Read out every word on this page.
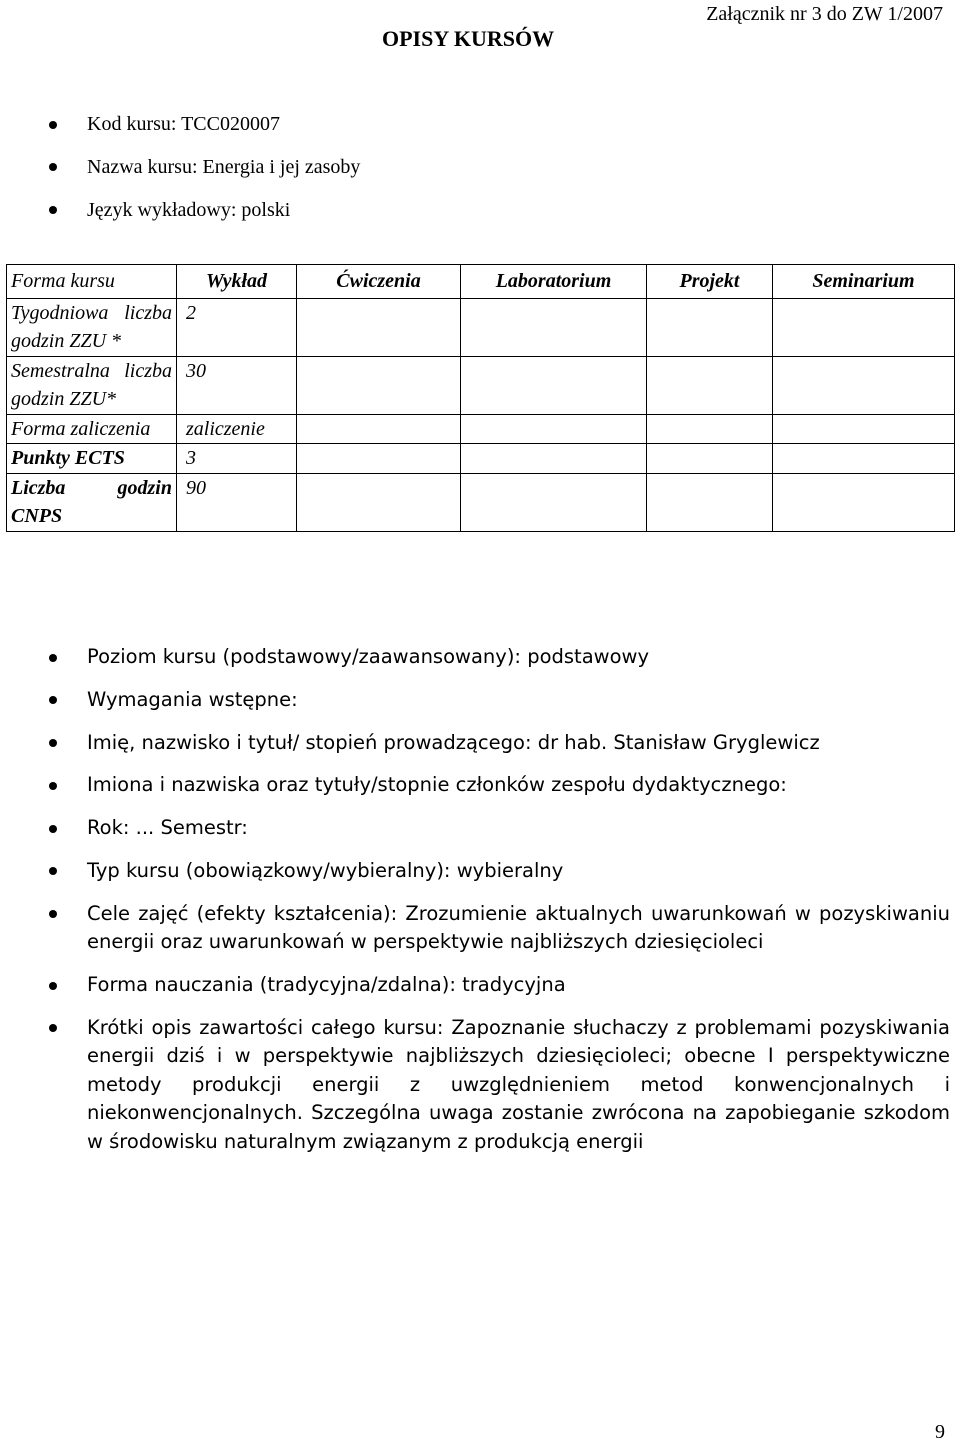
Załącznik nr 3 do ZW 1/2007
OPISY KURSÓW
Kod kursu: TCC020007
Nazwa kursu: Energia i jej zasoby
Język wykładowy: polski
Forma kursu	Wykład	Ćwiczenia	Laboratorium	Projekt	Seminarium
Tygodniowa liczba godzin ZZU *	2				
Semestralna liczba godzin ZZU*	30				
Forma zaliczenia	zaliczenie				
Punkty ECTS	3				
Liczba godzin CNPS	90				
Poziom kursu (podstawowy/zaawansowany): podstawowy
Wymagania wstępne:
Imię, nazwisko i tytuł/ stopień prowadzącego: dr hab. Stanisław Gryglewicz
Imiona i nazwiska oraz tytuły/stopnie członków zespołu dydaktycznego:
Rok: ... Semestr:
Typ kursu (obowiązkowy/wybieralny): wybieralny
Cele zajęć (efekty kształcenia): Zrozumienie aktualnych uwarunkowań w pozyskiwaniu energii oraz uwarunkowań w perspektywie najbliższych dziesięcioleci
Forma nauczania (tradycyjna/zdalna): tradycyjna
Krótki opis zawartości całego kursu: Zapoznanie słuchaczy z problemami pozyskiwania energii dziś i w perspektywie najbliższych dziesięcioleci; obecne I perspektywiczne metody produkcji energii z uwzględnieniem metod konwencjonalnych i niekonwencjonalnych. Szczególna uwaga zostanie zwrócona na zapobieganie szkodom w środowisku naturalnym związanym z produkcją energii
9
